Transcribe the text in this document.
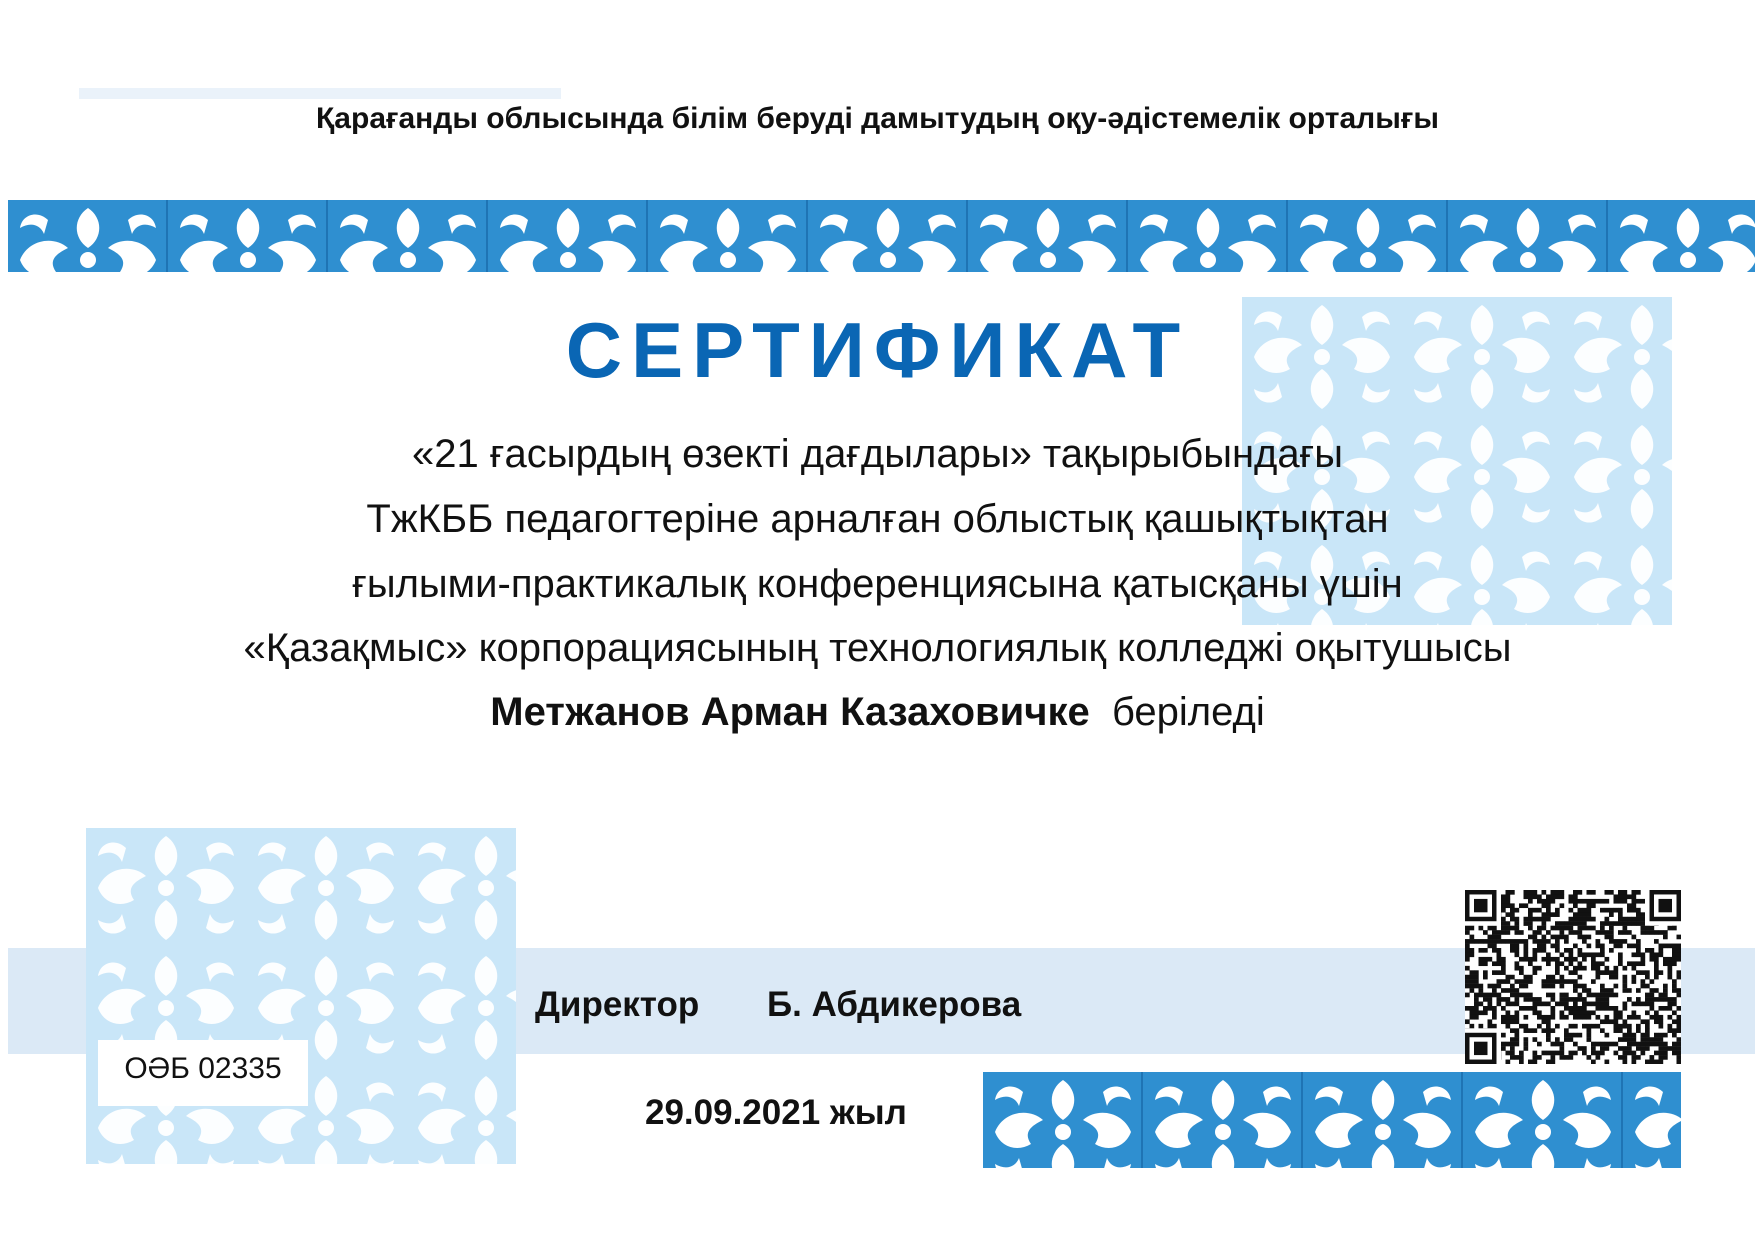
Қарағанды облысында білім беруді дамытудың оқу-әдістемелік орталығы
СЕРТИФИКАТ
«21 ғасырдың өзекті дағдылары» тақырыбындағы
ТжКББ педагогтеріне арналған облыстық қашықтықтан
ғылыми-практикалық конференциясына қатысқаны үшін
«Қазақмыс» корпорациясының технологиялық колледжі оқытушысы
Метжанов Арман Казаховичке беріледі
ОӘБ 02335
Директор Б. Абдикерова
29.09.2021 жыл
